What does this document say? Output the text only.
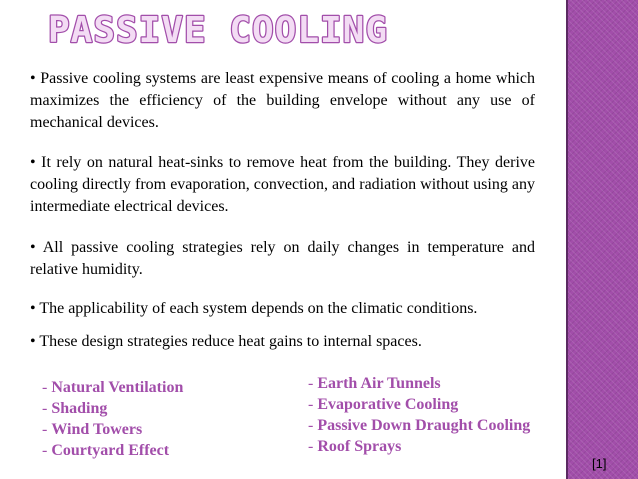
PASSIVE COOLING

• Passive cooling systems are least expensive means of cooling a home which maximizes the efficiency of the building envelope without any use of mechanical devices.

• It rely on natural heat-sinks to remove heat from the building. They derive cooling directly from evaporation, convection, and radiation without using any intermediate electrical devices.

• All passive cooling strategies rely on daily changes in temperature and relative humidity.

• The applicability of each system depends on the climatic conditions.

• These design strategies reduce heat gains to internal spaces.

- Natural Ventilation
- Shading
- Wind Towers
- Courtyard Effect
- Earth Air Tunnels
- Evaporative Cooling
- Passive Down Draught Cooling
- Roof Sprays
[1]
